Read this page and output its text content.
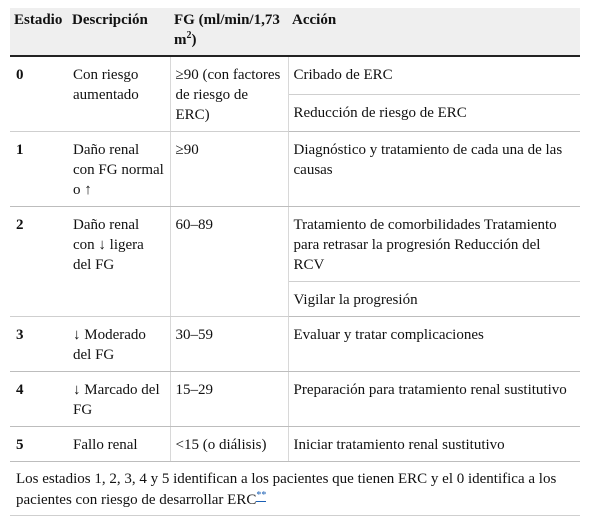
Estadio	Descripción	FG (ml/min/1,73 $m^2$)	Acción
0	Con riesgo aumentado	≥90 (con factores de riesgo de ERC)	Cribado de ERC
			Reducción de riesgo de ERC
1	Daño renal con FG normal o ↑	≥90	Diagnóstico y tratamiento de cada una de las causas
2	Daño renal con ↓ ligera del FG	60–89	Tratamiento de comorbilidades Tratamiento para retrasar la progresión Reducción del RCV
			Vigilar la progresión
3	↓ Moderado del FG	30–59	Evaluar y tratar complicaciones
4	↓ Marcado del FG	15–29	Preparación para tratamiento renal sustitutivo
5	Fallo renal	<15 (o diálisis)	Iniciar tratamiento renal sustitutivo
Los estadios 1, 2, 3, 4 y 5 identifican a los pacientes que tienen ERC y el 0 identifica a los pacientes con riesgo de desarrollar ERC**
